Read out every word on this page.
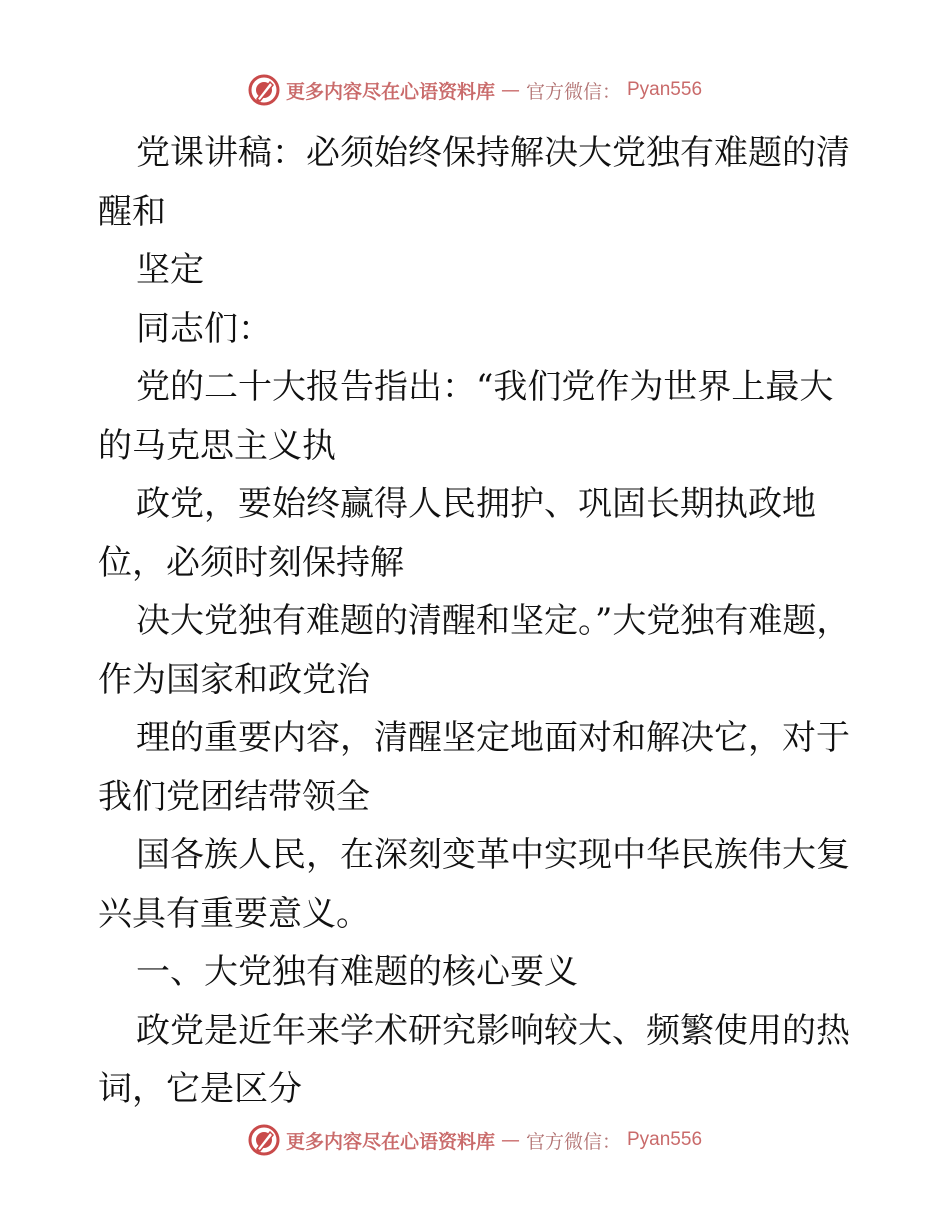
更多内容尽在心语资料库 — 官方微信： Pyan556

党课讲稿：必须始终保持解决大党独有难题的清醒和

坚定

同志们：

党的二十大报告指出：“我们党作为世界上最大的马克思主义执

政党，要始终赢得人民拥护、巩固长期执政地位，必须时刻保持解

决大党独有难题的清醒和坚定。”大党独有难题，作为国家和政党治

理的重要内容，清醒坚定地面对和解决它，对于我们党团结带领全

国各族人民，在深刻变革中实现中华民族伟大复兴具有重要意义。

一、大党独有难题的核心要义

政党是近年来学术研究影响较大、频繁使用的热词，它是区分

更多内容尽在心语资料库 — 官方微信： Pyan556
